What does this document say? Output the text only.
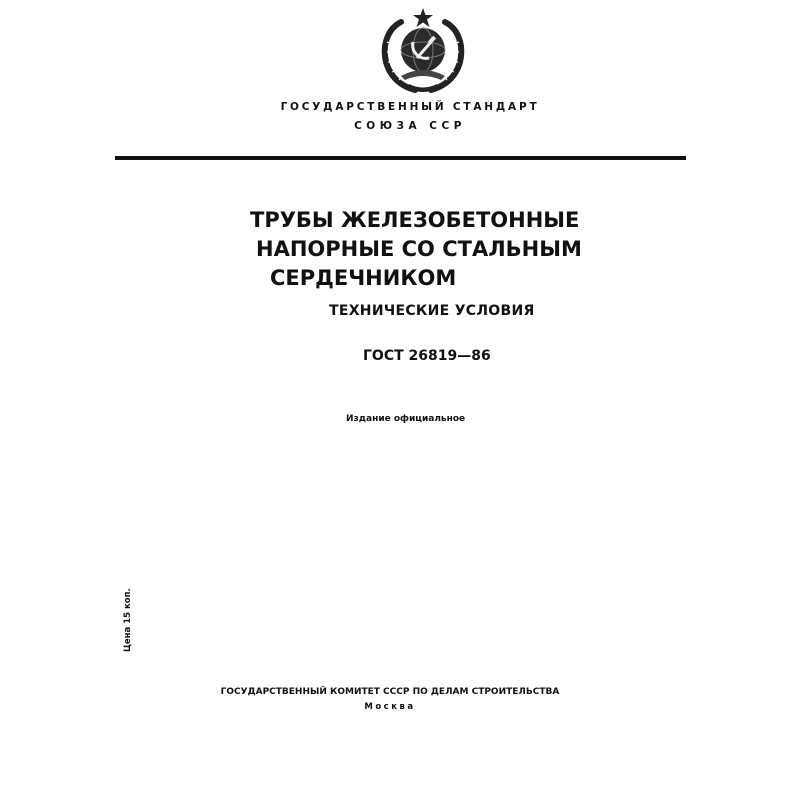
ГОСУДАРСТВЕННЫЙ СТАНДАРТ
СОЮЗА ССР
ТРУБЫ ЖЕЛЕЗОБЕТОННЫЕ
НАПОРНЫЕ СО СТАЛЬНЫМ
СЕРДЕЧНИКОМ
ТЕХНИЧЕСКИЕ УСЛОВИЯ
ГОСТ 26819—86
Издание официальное
Цена 15 коп.
ГОСУДАРСТВЕННЫЙ КОМИТЕТ СССР ПО ДЕЛАМ СТРОИТЕЛЬСТВА
Москва
